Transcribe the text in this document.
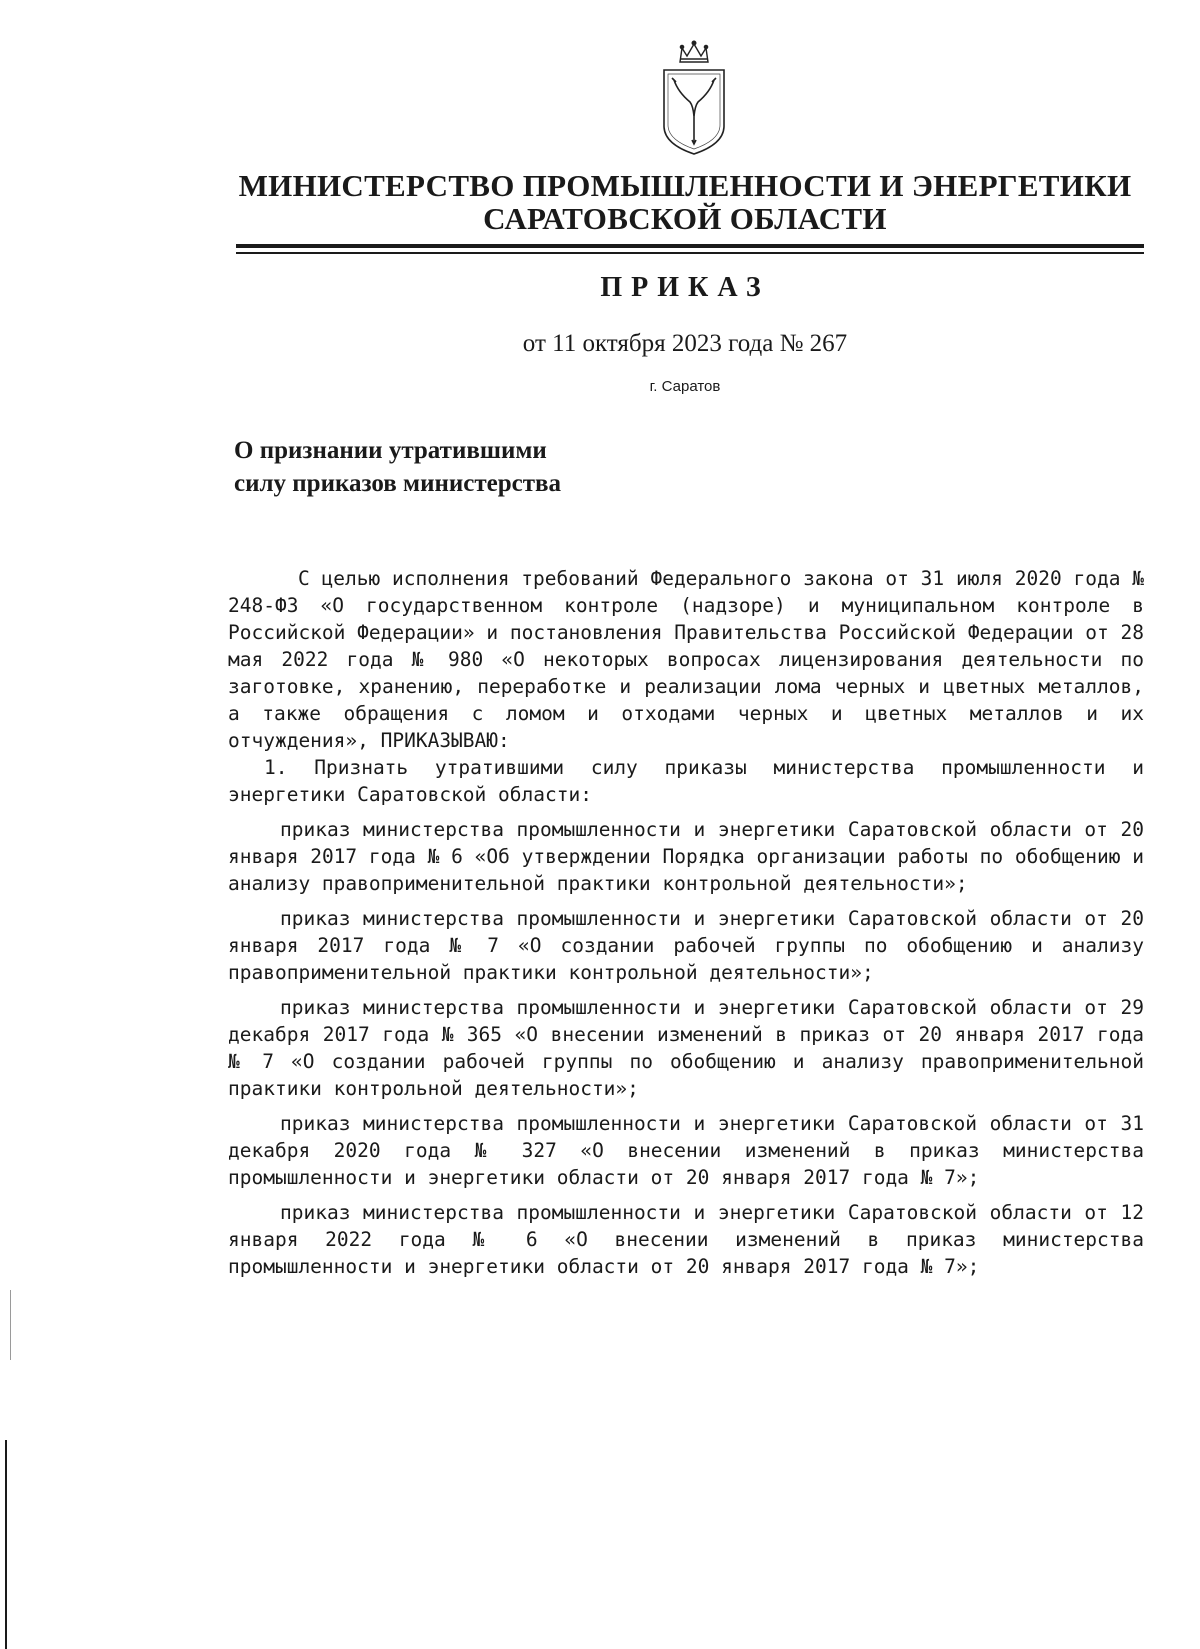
МИНИСТЕРСТВО ПРОМЫШЛЕННОСТИ И ЭНЕРГЕТИКИ
САРАТОВСКОЙ ОБЛАСТИ
ПРИКАЗ
от 11 октября 2023 года № 267
г. Саратов
О признании утратившими
силу приказов министерства

С целью исполнения требований Федерального закона от 31 июля 2020 года № 248-ФЗ «О государственном контроле (надзоре) и муниципальном контроле в Российской Федерации» и постановления Правительства Российской Федерации от 28 мая 2022 года № 980 «О некоторых вопросах лицензирования деятельности по заготовке, хранению, переработке и реализации лома черных и цветных металлов, а также обращения с ломом и отходами черных и цветных металлов и их отчуждения», ПРИКАЗЫВАЮ:

1. Признать утратившими силу приказы министерства промышленности и энергетики Саратовской области:

приказ министерства промышленности и энергетики Саратовской области от 20 января 2017 года № 6 «Об утверждении Порядка организации работы по обобщению и анализу правоприменительной практики контрольной деятельности»;

приказ министерства промышленности и энергетики Саратовской области от 20 января 2017 года № 7 «О создании рабочей группы по обобщению и анализу правоприменительной практики контрольной деятельности»;

приказ министерства промышленности и энергетики Саратовской области от 29 декабря 2017 года № 365 «О внесении изменений в приказ от 20 января 2017 года № 7 «О создании рабочей группы по обобщению и анализу правоприменительной практики контрольной деятельности»;

приказ министерства промышленности и энергетики Саратовской области от 31 декабря 2020 года № 327 «О внесении изменений в приказ министерства промышленности и энергетики области от 20 января 2017 года № 7»;

приказ министерства промышленности и энергетики Саратовской области от 12 января 2022 года № 6 «О внесении изменений в приказ министерства промышленности и энергетики области от 20 января 2017 года № 7»;
